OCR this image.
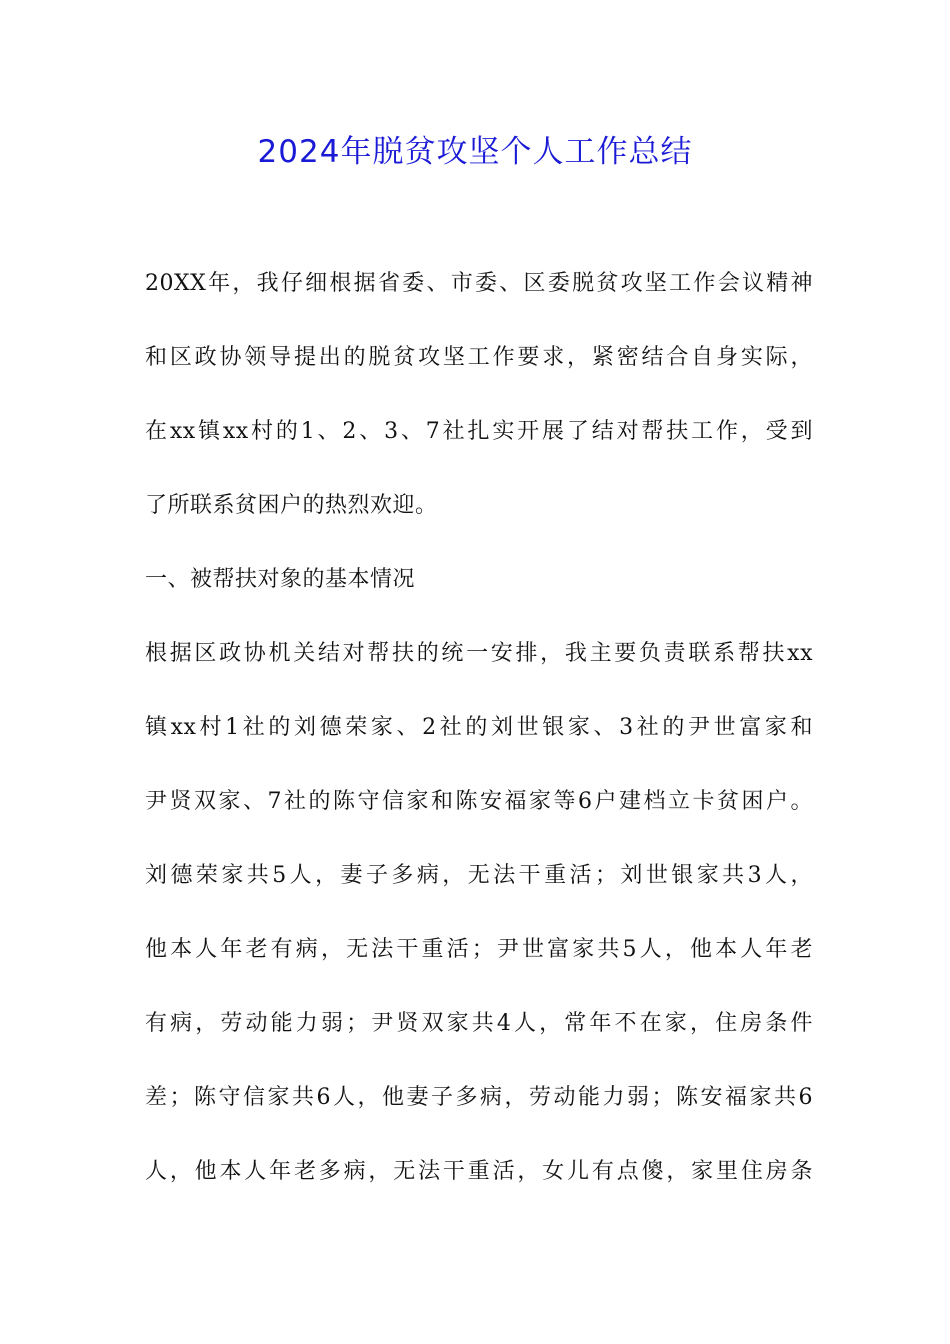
2024年脱贫攻坚个人工作总结
20XX年，我仔细根据省委、市委、区委脱贫攻坚工作会议精神
和区政协领导提出的脱贫攻坚工作要求，紧密结合自身实际，
在xx镇xx村的1、2、3、7社扎实开展了结对帮扶工作，受到
了所联系贫困户的热烈欢迎。
一、被帮扶对象的基本情况
根据区政协机关结对帮扶的统一安排，我主要负责联系帮扶xx
镇xx村1社的刘德荣家、2社的刘世银家、3社的尹世富家和
尹贤双家、7社的陈守信家和陈安福家等6户建档立卡贫困户。
刘德荣家共5人，妻子多病，无法干重活；刘世银家共3人，
他本人年老有病，无法干重活；尹世富家共5人，他本人年老
有病，劳动能力弱；尹贤双家共4人，常年不在家，住房条件
差；陈守信家共6人，他妻子多病，劳动能力弱；陈安福家共6
人，他本人年老多病，无法干重活，女儿有点傻，家里住房条
